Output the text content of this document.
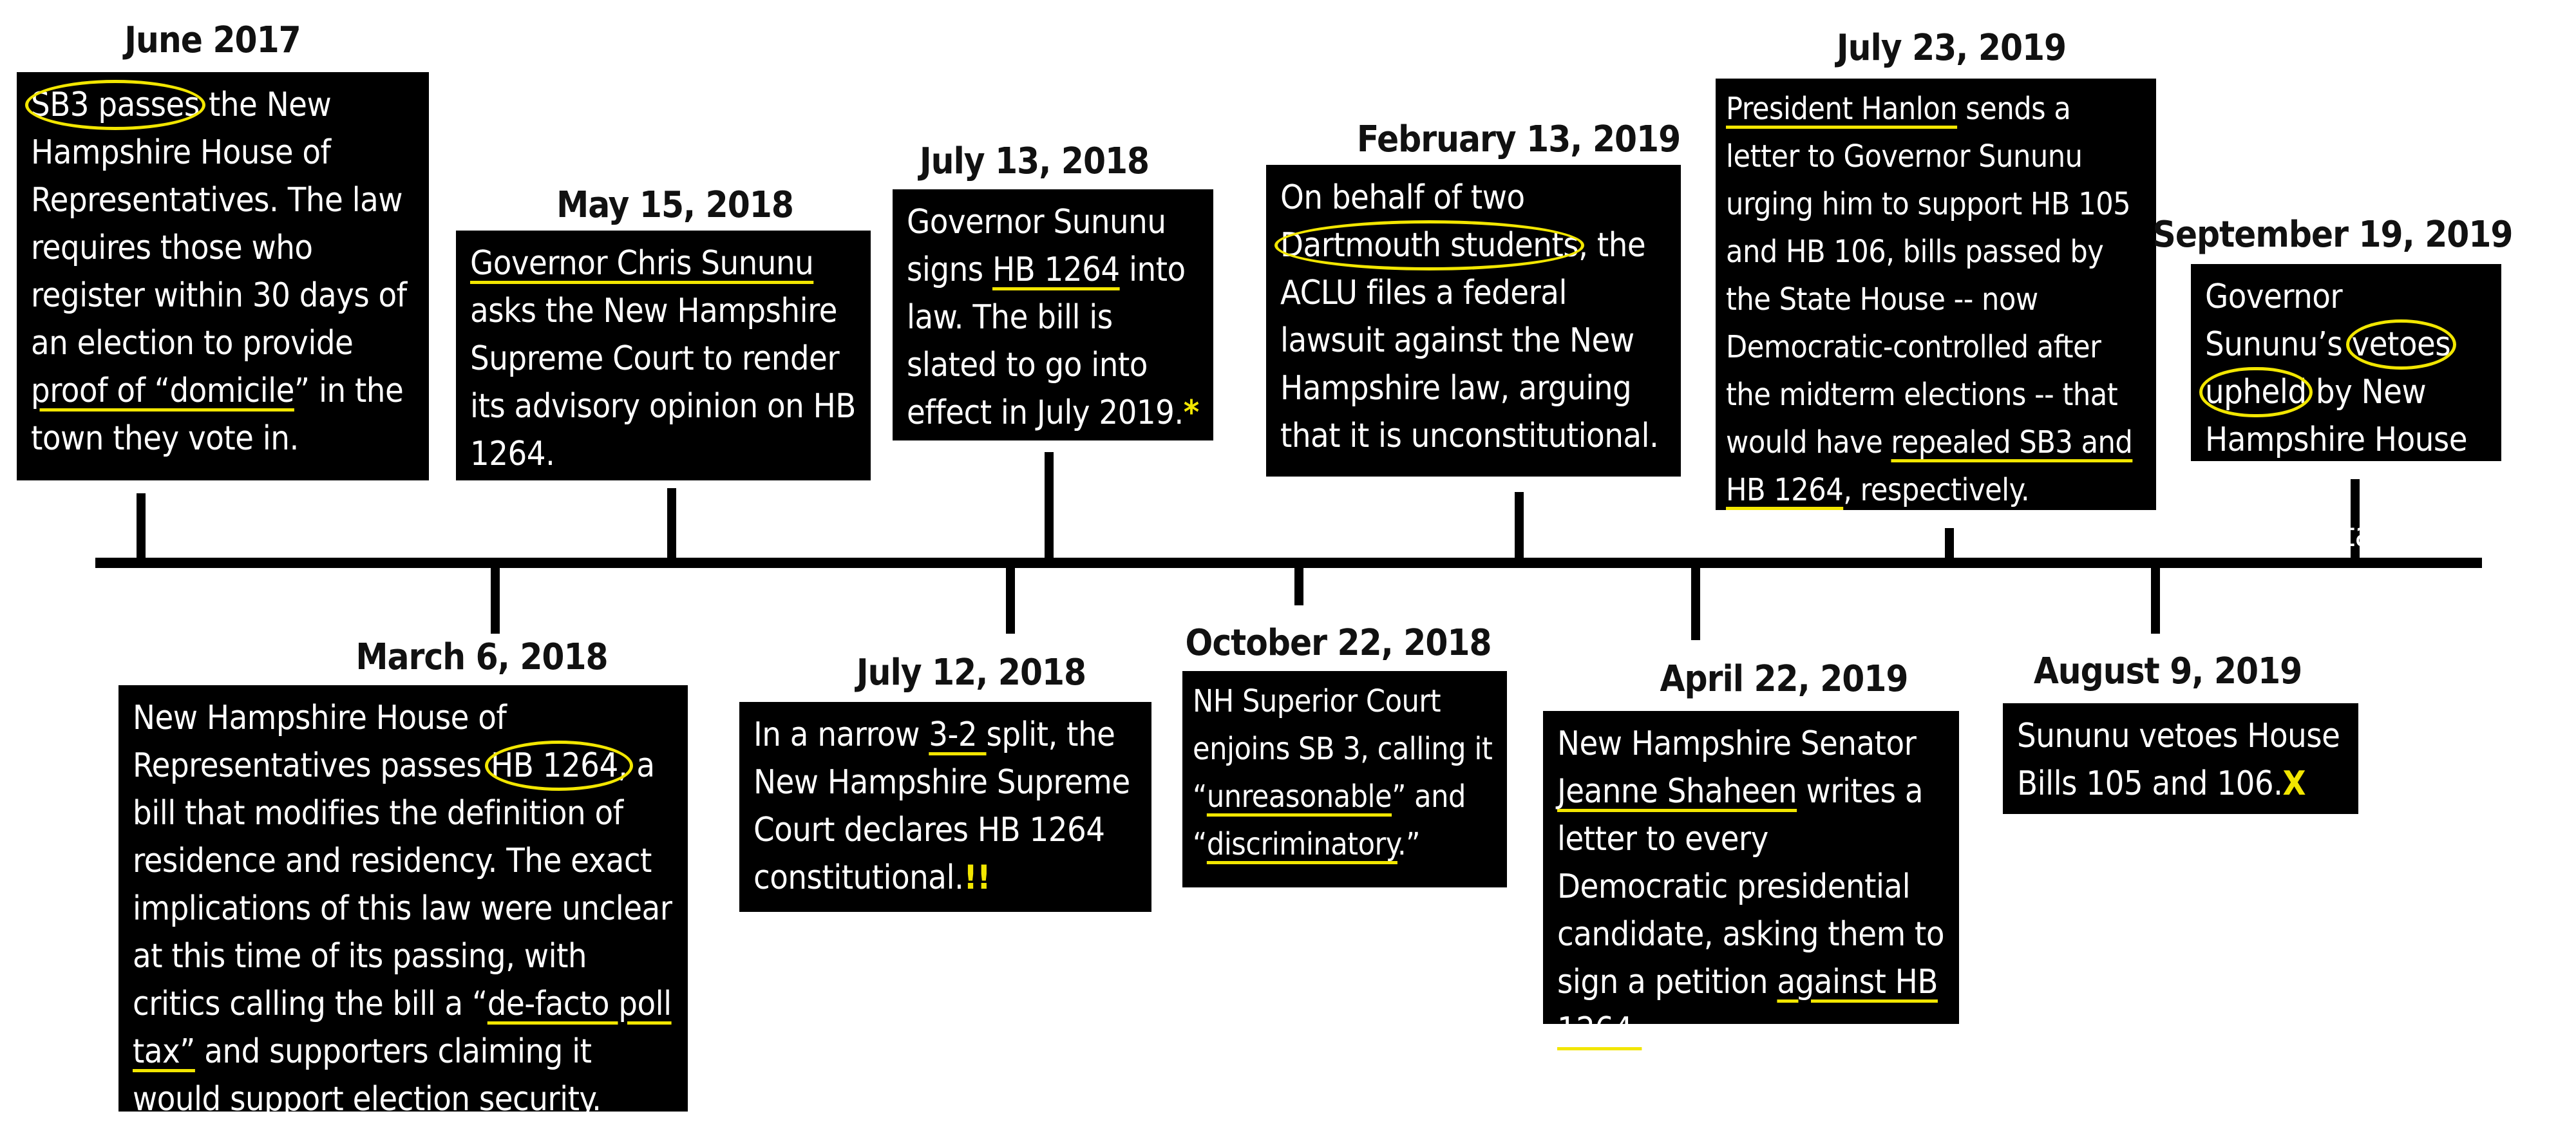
June 2017
SB3 passes the New Hampshire House of Representatives. The law requires those who register within 30 days of an election to provide proof of “domicile” in the town they vote in.
March 6, 2018
New Hampshire House of Representatives passes HB 1264, a bill that modifies the definition of residence and residency. The exact implications of this law were unclear at this time of its passing, with critics calling the bill a “de-facto poll tax” and supporters claiming it would support election security.
May 15, 2018
Governor Chris Sununu asks the New Hampshire Supreme Court to render its advisory opinion on HB 1264.
July 12, 2018
In a narrow 3-2 split, the New Hampshire Supreme Court declares HB 1264 constitutional.!!
July 13, 2018
Governor Sununu signs HB 1264 into law. The bill is slated to go into effect in July 2019.*
October 22, 2018
NH Superior Court enjoins SB 3, calling it “unreasonable” and “discriminatory.”
February 13, 2019
On behalf of two Dartmouth students, the ACLU files a federal lawsuit against the New Hampshire law, arguing that it is unconstitutional.
April 22, 2019
New Hampshire Senator Jeanne Shaheen writes a letter to every Democratic presidential candidate, asking them to sign a petition against HB 1264.
July 23, 2019
President Hanlon sends a letter to Governor Sununu urging him to support HB 105 and HB 106, bills passed by the State House -- now Democratic-controlled after the midterm elections -- that would have repealed SB3 and HB 1264, respectively.
August 9, 2019
Sununu vetoes House Bills 105 and 106.X
September 19, 2019
Governor Sununu’s vetoes upheld by New Hampshire House of Representatives.
